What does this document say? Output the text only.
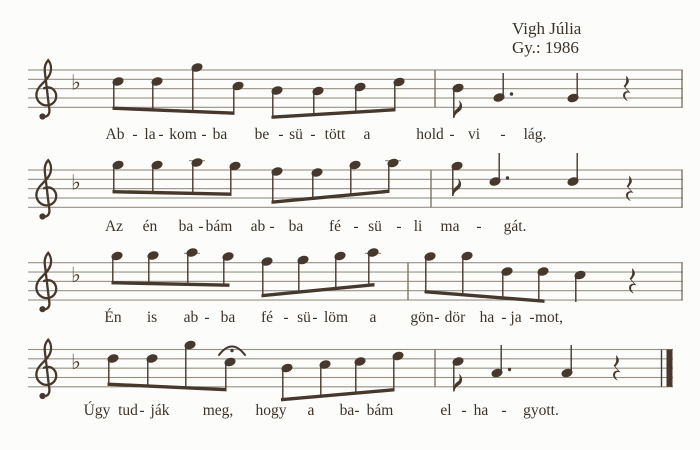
♭
♭
♭
♭
Vigh Júlia
Gy.: 1986
Ab - la - kom - ba be - sü - tött a	hold - vi - lág.
Az én ba - bám ab - ba fé - sü - li ma - gát.
Én is ab - ba fé - sü - löm a gön - dör ha - ja - mot,
Úgy tud - ják meg, hogy a ba - bám	el - ha - gyott.
